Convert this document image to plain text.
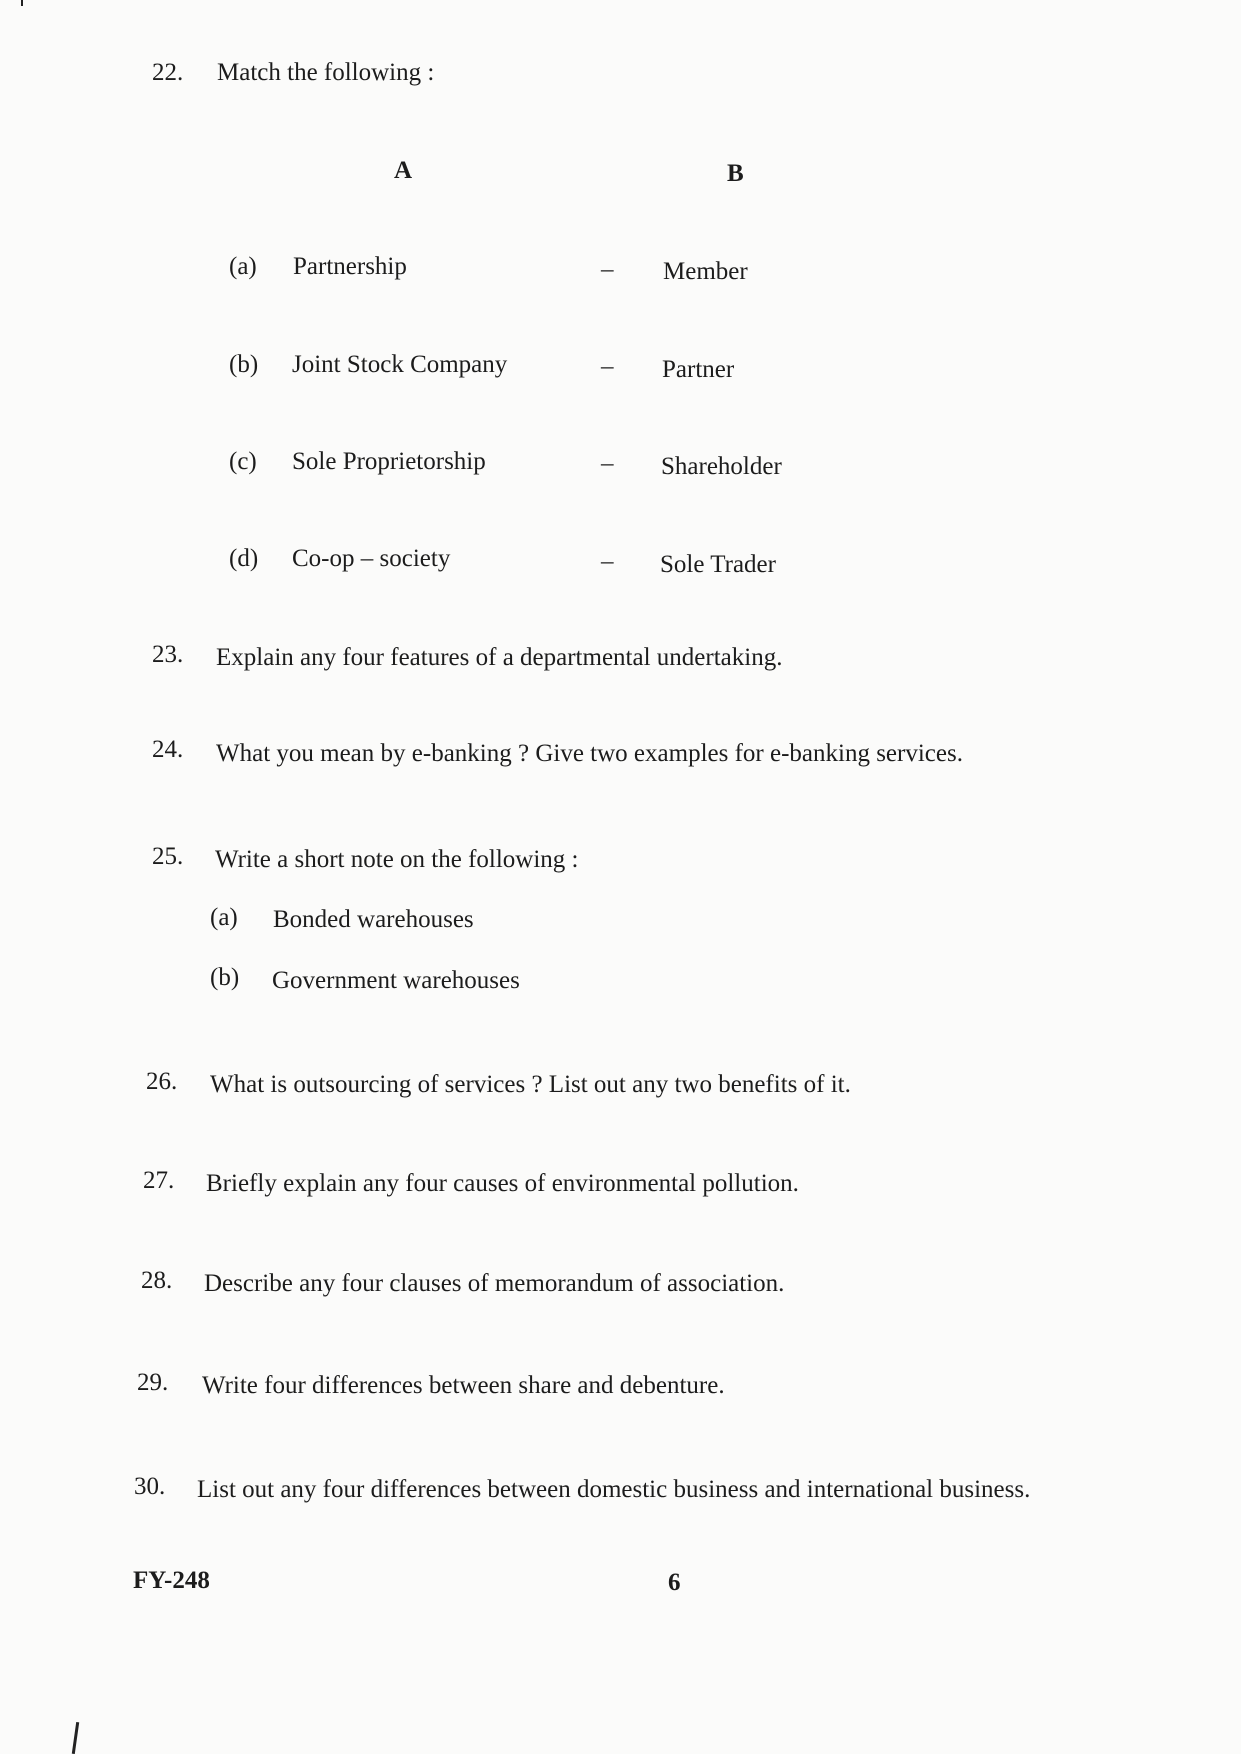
22. Match the following :
A	B
(a) Partnership	– Member
(b) Joint Stock Company	– Partner
(c) Sole Proprietorship	– Shareholder
(d) Co-op – society	– Sole Trader
23. Explain any four features of a departmental undertaking.
24. What you mean by e-banking ? Give two examples for e-banking services.
25. Write a short note on the following :
(a) Bonded warehouses
(b) Government warehouses
26. What is outsourcing of services ? List out any two benefits of it.
27. Briefly explain any four causes of environmental pollution.
28. Describe any four clauses of memorandum of association.
29. Write four differences between share and debenture.
30. List out any four differences between domestic business and international business.
FY-248	6
